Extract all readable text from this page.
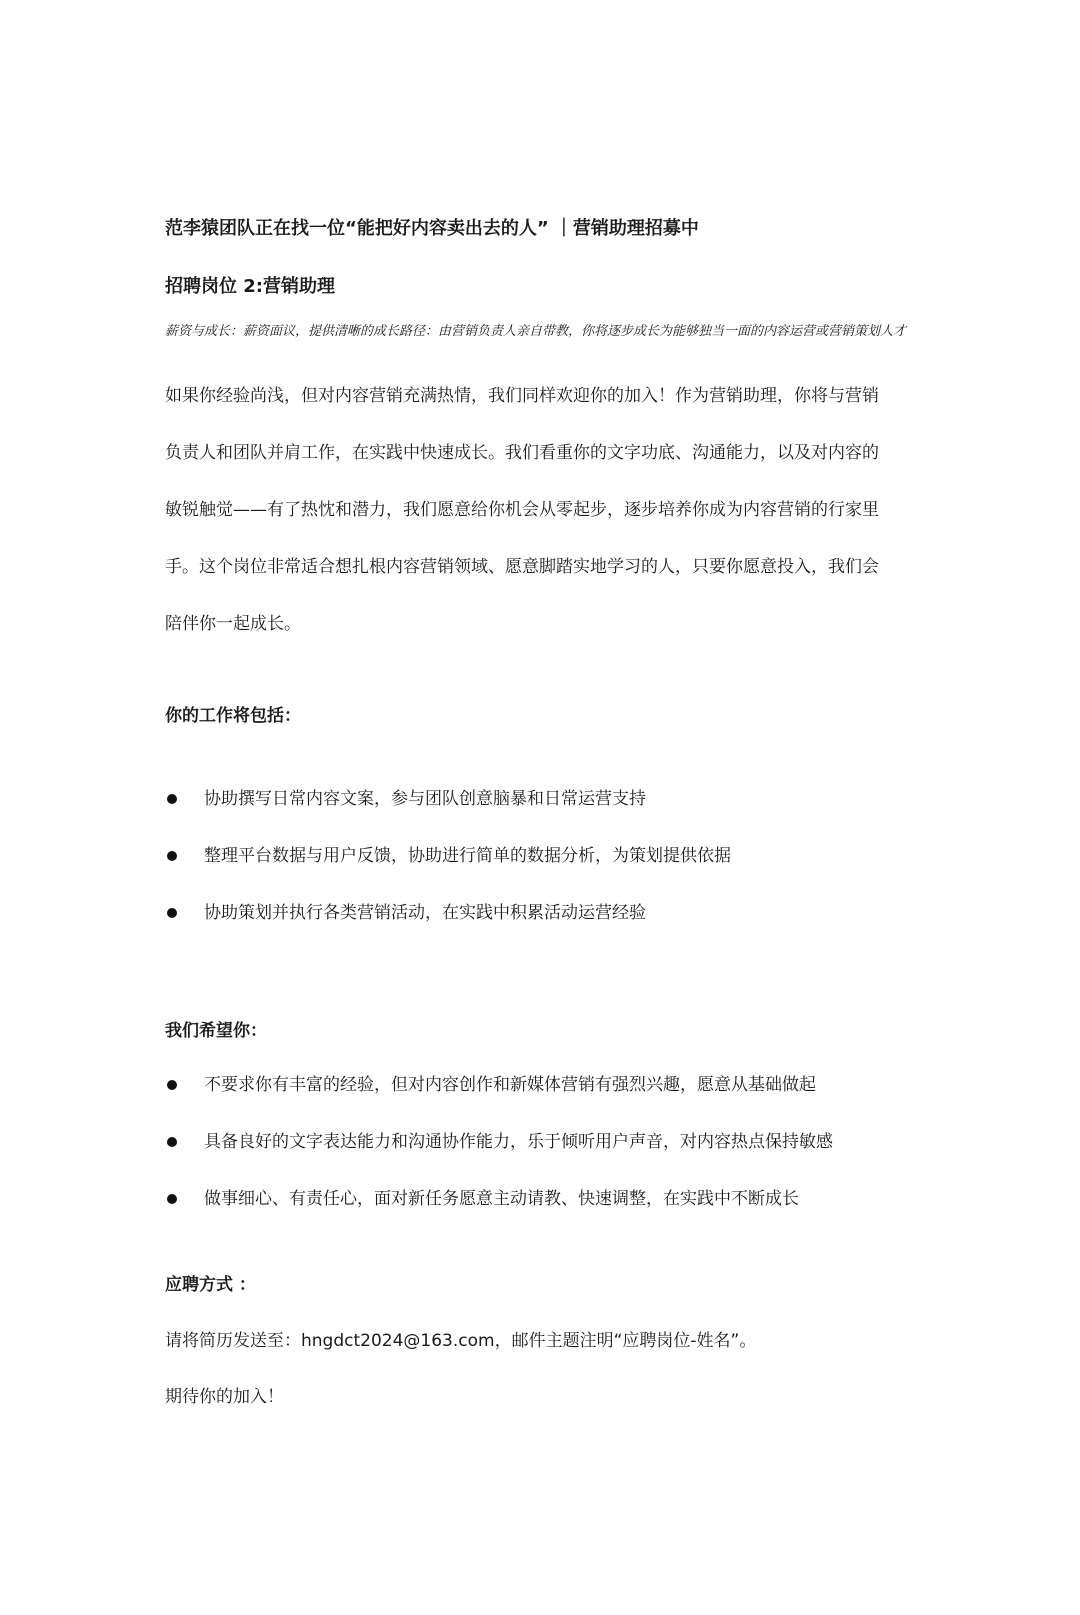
范李猿团队正在找一位“能把好内容卖出去的人” ｜营销助理招募中
招聘岗位 2:营销助理

薪资与成长：薪资面议，提供清晰的成长路径：由营销负责人亲自带教，你将逐步成长为能够独当一面的内容运营或营销策划人才

如果你经验尚浅，但对内容营销充满热情，我们同样欢迎你的加入！作为营销助理，你将与营销
负责人和团队并肩工作，在实践中快速成长。我们看重你的文字功底、沟通能力，以及对内容的
敏锐触觉——有了热忱和潜力，我们愿意给你机会从零起步，逐步培养你成为内容营销的行家里
手。这个岗位非常适合想扎根内容营销领域、愿意脚踏实地学习的人，只要你愿意投入，我们会
陪伴你一起成长。

你的工作将包括：
协助撰写日常内容文案，参与团队创意脑暴和日常运营支持
整理平台数据与用户反馈，协助进行简单的数据分析，为策划提供依据
协助策划并执行各类营销活动，在实践中积累活动运营经验
我们希望你：
不要求你有丰富的经验，但对内容创作和新媒体营销有强烈兴趣，愿意从基础做起
具备良好的文字表达能力和沟通协作能力，乐于倾听用户声音，对内容热点保持敏感
做事细心、有责任心，面对新任务愿意主动请教、快速调整，在实践中不断成长
应聘方式 ：

请将简历发送至：hngdct2024@163.com，邮件主题注明“应聘岗位-姓名”。

期待你的加入！
